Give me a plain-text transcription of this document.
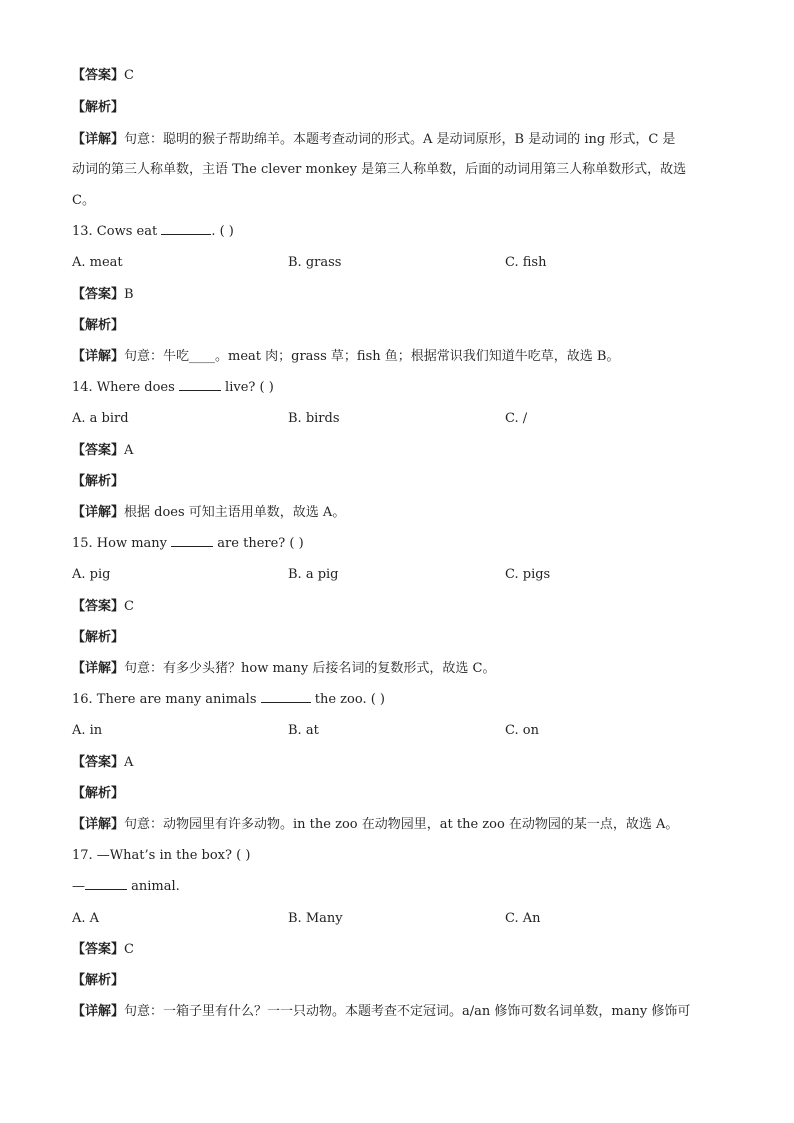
【答案】C
【解析】
【详解】句意：聪明的猴子帮助绵羊。本题考查动词的形式。A 是动词原形，B 是动词的 ing 形式，C 是
动词的第三人称单数，主语 The clever monkey 是第三人称单数，后面的动词用第三人称单数形式，故选
C。
13. Cows eat	. ( )
A. meat	B. grass	C. fish
【答案】B
【解析】
【详解】句意：牛吃____。meat 肉；grass 草；fish 鱼；根据常识我们知道牛吃草，故选 B。
14. Where does	live? ( )
A. a bird	B. birds	C. /
【答案】A
【解析】
【详解】根据 does 可知主语用单数，故选 A。
15. How many	are there? ( )
A. pig	B. a pig	C. pigs
【答案】C
【解析】
【详解】句意：有多少头猪？how many 后接名词的复数形式，故选 C。
16. There are many animals	the zoo. ( )
A. in	B. at	C. on
【答案】A
【解析】
【详解】句意：动物园里有许多动物。in the zoo 在动物园里，at the zoo 在动物园的某一点，故选 A。
17. —What’s in the box? ( )
—	animal.
A. A	B. Many	C. An
【答案】C
【解析】
【详解】句意：一箱子里有什么？一一只动物。本题考查不定冠词。a/an 修饰可数名词单数，many 修饰可
